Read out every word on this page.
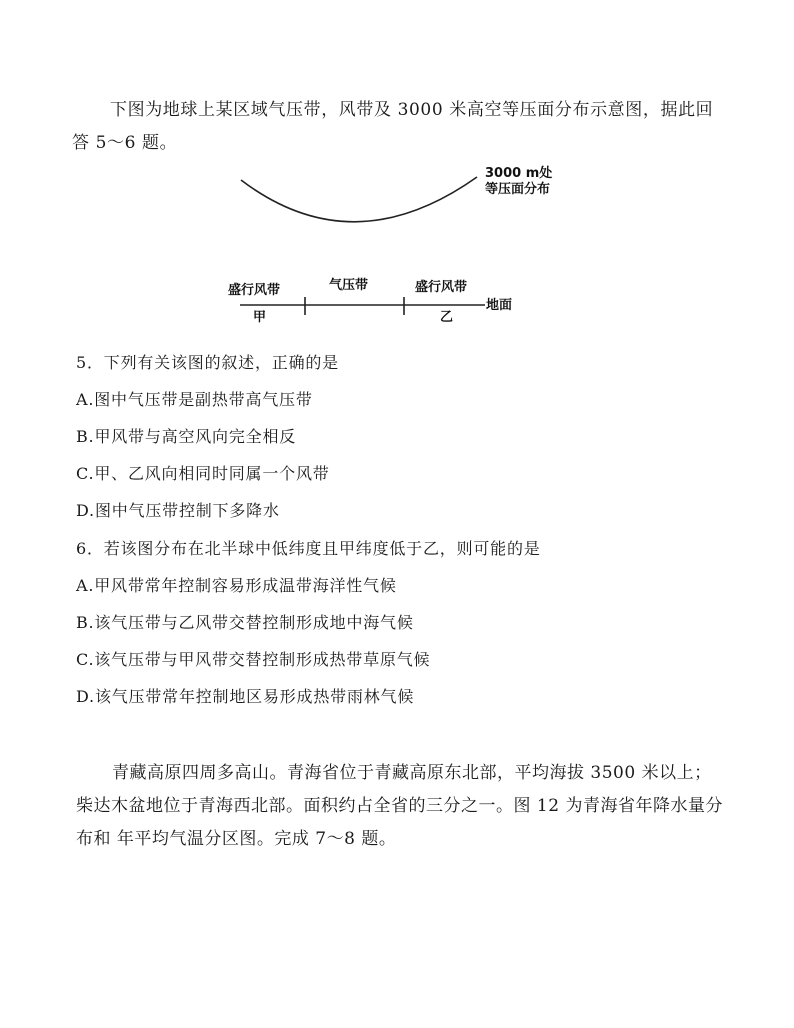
下图为地球上某区域气压带，风带及 3000 米高空等压面分布示意图，据此回答 5～6 题。
3000 m处
等压面分布
盛行风带	气压带	盛行风带
地面
甲	乙
5．下列有关该图的叙述，正确的是
A.图中气压带是副热带高气压带
B.甲风带与高空风向完全相反
C.甲、乙风向相同时同属一个风带
D.图中气压带控制下多降水
6．若该图分布在北半球中低纬度且甲纬度低于乙，则可能的是
A.甲风带常年控制容易形成温带海洋性气候
B.该气压带与乙风带交替控制形成地中海气候
C.该气压带与甲风带交替控制形成热带草原气候
D.该气压带常年控制地区易形成热带雨林气候
青藏高原四周多高山。青海省位于青藏高原东北部，平均海拔 3500 米以上；柴达木盆地位于青海西北部。面积约占全省的三分之一。图 12 为青海省年降水量分布和 年平均气温分区图。完成 7～8 题。
